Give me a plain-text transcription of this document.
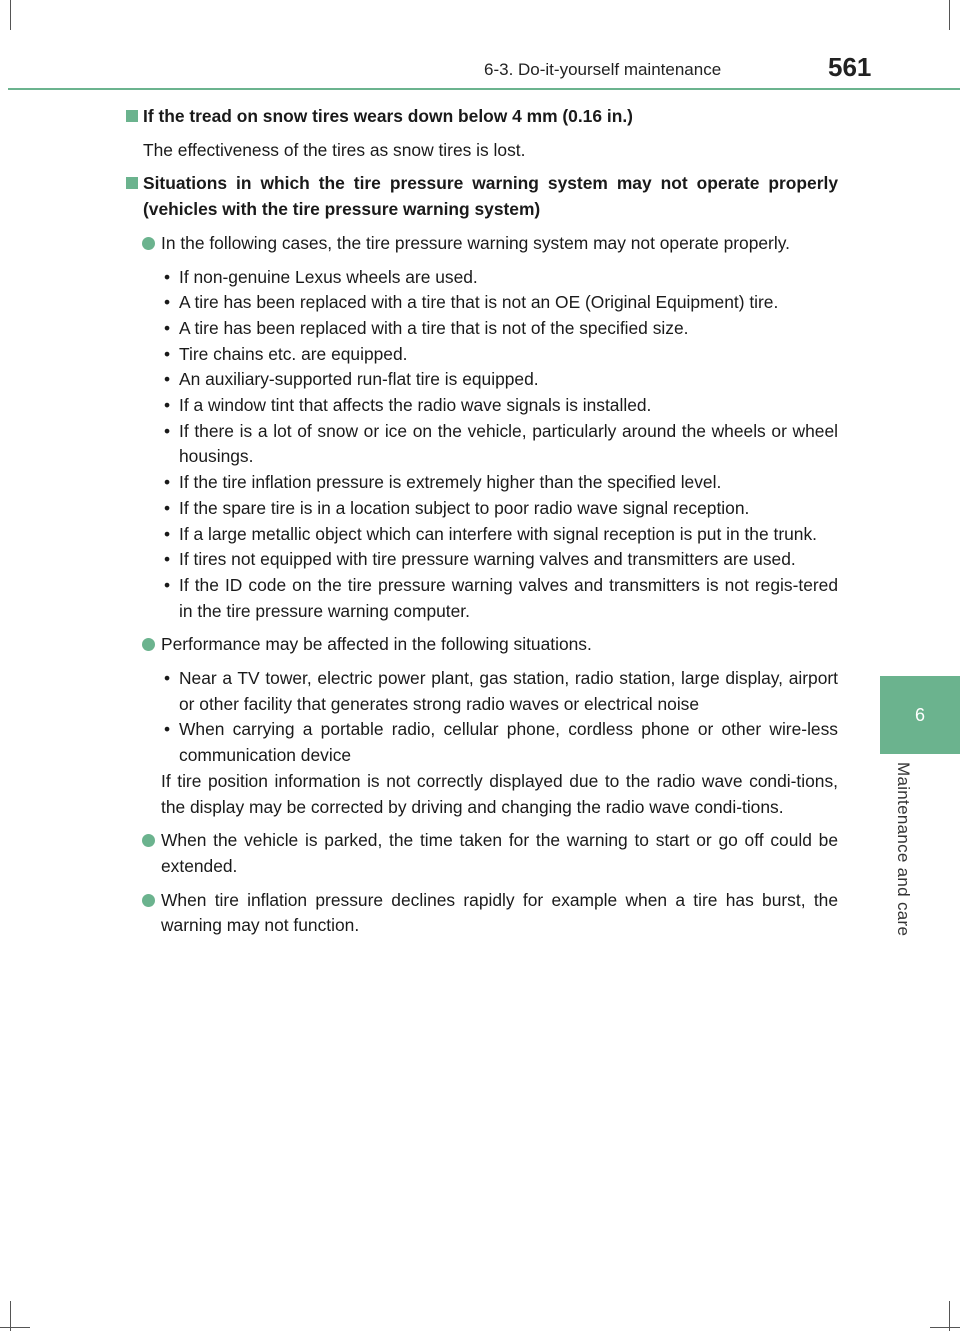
6-3. Do-it-yourself maintenance	561
6
Maintenance and care
If the tread on snow tires wears down below 4 mm (0.16 in.)
The effectiveness of the tires as snow tires is lost.
Situations in which the tire pressure warning system may not operate properly (vehicles with the tire pressure warning system)
In the following cases, the tire pressure warning system may not operate properly.
• If non-genuine Lexus wheels are used.
• A tire has been replaced with a tire that is not an OE (Original Equipment) tire.
• A tire has been replaced with a tire that is not of the specified size.
• Tire chains etc. are equipped.
• An auxiliary-supported run-flat tire is equipped.
• If a window tint that affects the radio wave signals is installed.
• If there is a lot of snow or ice on the vehicle, particularly around the wheels or wheel housings.
• If the tire inflation pressure is extremely higher than the specified level.
• If the spare tire is in a location subject to poor radio wave signal reception.
• If a large metallic object which can interfere with signal reception is put in the trunk.
• If tires not equipped with tire pressure warning valves and transmitters are used.
• If the ID code on the tire pressure warning valves and transmitters is not regis-tered in the tire pressure warning computer.
Performance may be affected in the following situations.
• Near a TV tower, electric power plant, gas station, radio station, large display, airport or other facility that generates strong radio waves or electrical noise
• When carrying a portable radio, cellular phone, cordless phone or other wire-less communication device
If tire position information is not correctly displayed due to the radio wave condi-tions, the display may be corrected by driving and changing the radio wave condi-tions.
When the vehicle is parked, the time taken for the warning to start or go off could be extended.
When tire inflation pressure declines rapidly for example when a tire has burst, the warning may not function.
